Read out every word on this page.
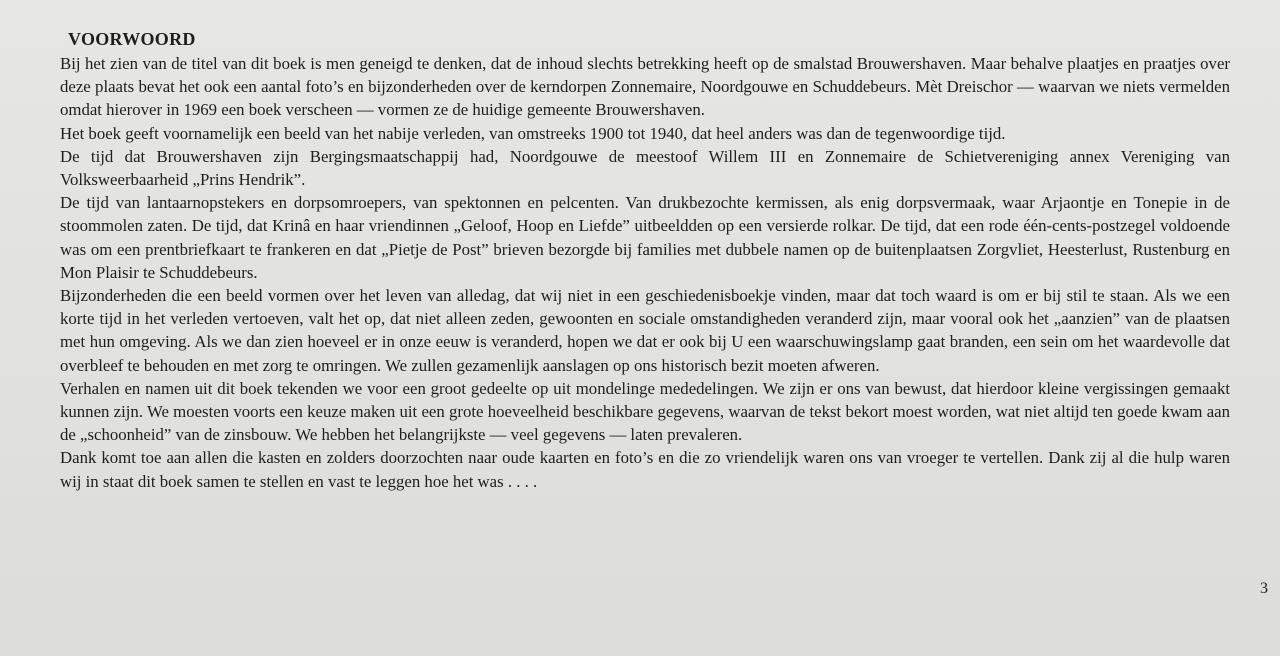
VOORWOORD

Bij het zien van de titel van dit boek is men geneigd te denken, dat de inhoud slechts betrekking heeft op de smalstad Brouwershaven. Maar behalve plaatjes en praatjes over deze plaats bevat het ook een aantal foto’s en bijzonderheden over de kerndorpen Zonnemaire, Noordgouwe en Schuddebeurs. Mèt Dreischor — waarvan we niets vermelden omdat hierover in 1969 een boek verscheen — vormen ze de huidige gemeente Brouwershaven.

Het boek geeft voornamelijk een beeld van het nabije verleden, van omstreeks 1900 tot 1940, dat heel anders was dan de tegenwoordige tijd.

De tijd dat Brouwershaven zijn Bergingsmaatschappij had, Noordgouwe de meestoof Willem III en Zonnemaire de Schietvereniging annex Vereniging van Volksweerbaarheid „Prins Hendrik”.

De tijd van lantaarnopstekers en dorpsomroepers, van spektonnen en pelcenten. Van drukbezochte kermissen, als enig dorpsvermaak, waar Arjaontje en Tonepie in de stoommolen zaten. De tijd, dat Krinâ en haar vriendinnen „Geloof, Hoop en Liefde” uitbeeldden op een versierde rolkar. De tijd, dat een rode één-cents-postzegel voldoende was om een prentbriefkaart te frankeren en dat „Pietje de Post” brieven bezorgde bij families met dubbele namen op de buitenplaatsen Zorgvliet, Heesterlust, Rustenburg en Mon Plaisir te Schuddebeurs.

Bijzonderheden die een beeld vormen over het leven van alledag, dat wij niet in een geschiedenisboekje vinden, maar dat toch waard is om er bij stil te staan. Als we een korte tijd in het verleden vertoeven, valt het op, dat niet alleen zeden, gewoonten en sociale omstandigheden veranderd zijn, maar vooral ook het „aanzien” van de plaatsen met hun omgeving. Als we dan zien hoeveel er in onze eeuw is veranderd, hopen we dat er ook bij U een waarschuwingslamp gaat branden, een sein om het waardevolle dat overbleef te behouden en met zorg te omringen. We zullen gezamenlijk aanslagen op ons historisch bezit moeten afweren.

Verhalen en namen uit dit boek tekenden we voor een groot gedeelte op uit mondelinge mededelingen. We zijn er ons van bewust, dat hierdoor kleine vergissingen gemaakt kunnen zijn. We moesten voorts een keuze maken uit een grote hoeveelheid beschikbare gegevens, waarvan de tekst bekort moest worden, wat niet altijd ten goede kwam aan de „schoonheid” van de zinsbouw. We hebben het belangrijkste — veel gegevens — laten prevaleren.

Dank komt toe aan allen die kasten en zolders doorzochten naar oude kaarten en foto’s en die zo vriendelijk waren ons van vroeger te vertellen. Dank zij al die hulp waren wij in staat dit boek samen te stellen en vast te leggen hoe het was . . . .

3
